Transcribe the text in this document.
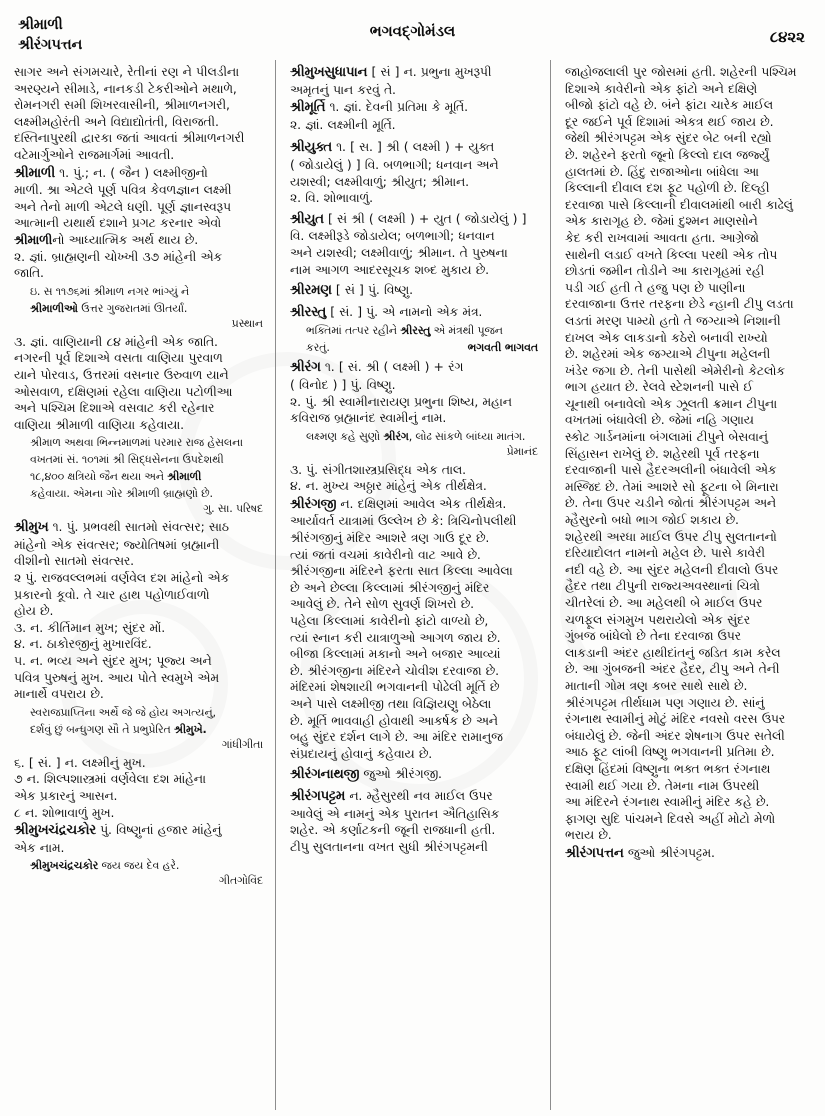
શ્રીમાળી
શ્રીરંગપત્તન
ભગવદ્‌ગોમંડલ	૮૪૨૨

સાગર અને સંગમચારે, રેતીનાં રણ ને પીલડીના

અરણ્યને સીમાડે, નાનકડી ટેકરીઓને મથાળે,

રોમનગરી સમી શિખરવાસીની, શ્રીમાળનગરી,

લક્ષ્મીમહોરંતી અને વિદ્યાદ્યોતંતી, વિરાજતી.

દસ્તિનાપુરથી દ્વારકા જતાં આવતાં શ્રીમાળનગરી

વટેમાર્ગુઓને રાજમાર્ગમાં આવતી.

શ્રીમાળી ૧. પું.; ન. ( જૈન ) લક્ષ્મીજીનો

માળી. શ્રા એટલે પૂર્ણ પવિત્ર કેવળજ્ઞાન લક્ષ્મી

અને તેનો માળી એટલે ધણી. પૂર્ણ જ્ઞાનસ્વરૂપ

આત્માની યથાર્થ દશાને પ્રગટ કરનાર એવો

શ્રીમાળીનો આધ્યાત્મિક અર્થ થાય છે.

૨. જ્ઞાં. બ્રાહ્મણની ચોખ્ખી ૩૭ માંહેની એક

જાતિ.

ઇ. સ ૧૧૭૬માં શ્રીમાળ નગર ભાંગ્યું ને

શ્રીમાળીઓ ઉત્તર ગુજરાતમાં ઊતર્યાં.

પ્રસ્થાન

૩. જ્ઞાં. વાણિયાની ૮૪ માંહેની એક જાતિ.

નગરની પૂર્વ દિશાએ વસતા વાણિયા પુરવાળ

યાને પોરવાડ, ઉત્તરમાં વસનાર ઉરુવાળ યાને

ઓસવાળ, દક્ષિણમાં રહેલા વાણિયા પટોળીઆ

અને પશ્ચિમ દિશાએ વસવાટ કરી રહેનાર

વાણિયા શ્રીમાળી વાણિયા કહેવાયા.

શ્રીમાળ અથવા ભિન્નમાળમાં પરમાર રાજ હેસલના

વખતમાં સં. ૧૦૧માં શ્રી સિદ્ધસેનના ઉપદેશથી

૧૮,૪૦૦ ક્ષત્રિયો જૈન થયા અને શ્રીમાળી

કહેવાયા. એમના ગોર શ્રીમાળી બ્રાહ્મણો છે.

ગુ. સા. પરિષદ

શ્રીમુખ ૧. પું. પ્રભવથી સાતમો સંવત્સર; સાઠ

માંહેનો એક સંવત્સર; જ્યોતિષમાં બ્રહ્માની

વીશીનો સાતમો સંવત્સર.

૨ પું. રાજવલ્લભમાં વર્ણવેલ દશ માંહેનો એક

પ્રકારનો કૂવો. તે ચાર હાથ પહોળાઈવાળો

હોય છે.

૩. ન. કીર્તિમાન મુખ; સુંદર મોં.

૪. ન. ઠાકોરજીનું મુખારવિંદ.

૫. ન. ભવ્ય અને સુંદર મુખ; પૂજ્ય અને

પવિત્ર પુરુષનું મુખ. આય પોતે સ્વમુખે એમ

માનાર્થે વપરાય છે.

સ્વરાજપ્રાપ્તિના અર્થે જે જે હોય અગત્યનું,

દર્શવું છું બન્ધુગણ સૌ તે પ્રભુપ્રેરિત શ્રીમુખે.

ગાંધીગીતા

૬. [ સં. ] ન. લક્ષ્મીનું મુખ.

૭ ન. શિલ્પશાસ્ત્રમાં વર્ણવેલા દશ માંહેના

એક પ્રકારનું આસન.

૮ ન. શોભાવાળું મુખ.

શ્રીમુખચંદ્રચકોર પું. વિષ્ણુનાં હજાર માંહેનું

એક નામ.

શ્રીમુખચંદ્રચકોર જય જય દેવ હરે.

ગીતગોવિંદ

શ્રીમુખસુધાપાન [ સં ] ન. પ્રભુના મુખરૂપી

અમૃતનું પાન કરવું તે.

શ્રીમૂર્તિ ૧. જ્ઞાં. દેવની પ્રતિમા કે મૂર્તિ.

૨. જ્ઞાં. લક્ષ્મીની મૂર્તિ.

શ્રીયુક્ત ૧. [ સ. ] શ્રી ( લક્ષ્મી ) + યુક્ત

( જોડાયેલું ) ] વિ. બળભાગી; ધનવાન અને

યશસ્વી; લક્ષ્મીવાળું; શ્રીયુત; શ્રીમાન.

૨. વિ. શોભાવાળું.

શ્રીયુત [ સં શ્રી ( લક્ષ્મી ) + યુત ( જોડાયેલું ) ]

વિ. લક્ષ્મીરૂડે જોડાયેલ; બળભાગી; ધનવાન

અને યશસ્વી; લક્ષ્મીવાળું; શ્રીમાન. તે પુરુષના

નામ આગળ આદરસૂચક શબ્દ મુકાય છે.

શ્રીરમણ [ સં ] પું. વિષ્ણુ.

શ્રીરસ્તુ [ સં. ] પું. એ નામનો એક મંત્ર.

ભક્તિમાં તત્પર રહીને શ્રીરસ્તુ એ મંત્રથી પૂજન

કરતું.	ભગવતી ભાગવત

શ્રીરંગ ૧. [ સં. શ્રી ( લક્ષ્મી ) + રંગ

( વિનોદ ) ] પું. વિષ્ણુ.

૨. પું. શ્રી સ્વામીનારાયણ પ્રભુના શિષ્ય, મહાન

કવિરાજ બ્રહ્માનંદ સ્વામીનું નામ.

લક્ષ્મણ કહે સુણો શ્રીરંગ, લોઢ સાંકળે બાંધ્યા માતંગ.

પ્રેમાનંદ

૩. પું. સંગીતશાસ્ત્રપ્રસિદ્ધ એક તાલ.

૪. ન. મુખ્ય અઠ્ઠાર માંહેનું એક તીર્થક્ષેત્ર.

શ્રીરંગજી ન. દક્ષિણમાં આવેલ એક તીર્થક્ષેત્ર.

આર્યાવર્ત યાત્રામાં ઉલ્લેખ છે કે: ત્રિચિનોપલીથી

શ્રીરંગજીનું મંદિર આશરે ત્રણ ગાઉ દૂર છે.

ત્યાં જતાં વચમાં કાવેરીનો વાટ આવે છે.

શ્રીરંગજીના મંદિરને ફરતા સાત કિલ્લા આવેલા

છે અને છેલ્લા કિલ્લામાં શ્રીરંગજીનું મંદિર

આવેલું છે. તેને સોળ સુવર્ણ શિખરો છે.

પહેલા કિલ્લામાં કાવેરીનો ફાંટો વાળ્યો છે,

ત્યાં સ્નાન કરી યાત્રાળુઓ આગળ જાય છે.

બીજા કિલ્લામાં મકાનો અને બજાર આવ્યાં

છે. શ્રીરંગજીના મંદિરને ચોવીશ દરવાજા છે.

મંદિરમાં શેષશાયી ભગવાનની પોઢેલી મૂર્તિ છે

અને પાસે લક્ષ્મીજી તથા વિજ્ઞિયણુ બેઠેલા

છે. મૂર્તિ ભાવવાહી હોવાથી આકર્ષક છે અને

બહુ સુંદર દર્શન લાગે છે. આ મંદિર રામાનુજ

સંપ્રદાયનું હોવાનું કહેવાય છે.

શ્રીરંગનાથજી જુઓ શ્રીરંગજી.

શ્રીરંગપટ્ટમ ન. મ્હૈસુરથી નવ માઈલ ઉપર

આવેલું એ નામનું એક પુરાતન ઐતિહાસિક

શહેર. એ કર્ણાટકની જૂની રાજધાની હતી.

ટીપુ સુલતાનના વખત સુધી શ્રીરંગપટ્ટમની

જાહોજલાલી પુર જોસમાં હતી. શહેરની પશ્ચિમ

દિશાએ કાવેરીનો એક ફાંટો અને દક્ષિણે

બીજો ફાંટો વહે છે. બંને ફાંટા ચારેક માઈલ

દૂર જઈને પૂર્વ દિશામાં એકત્ર થઈ જાય છે.

જેથી શ્રીરંગપટ્ટમ એક સુંદર બેટ બની રહ્યો

છે. શહેરને ફરતો જૂનો કિલ્લો દાલ જર્જ્યું

હાલતમાં છે. હિંદુ રાજાઓના બાંધેલા આ

કિલ્લાની દીવાલ દશ ફૂટ પહોળી છે. દિલ્હી

દરવાજા પાસે કિલ્લાની દીવાલમાંથી બારી કાઢેલું

એક કારાગૃહ છે. જેમાં દુશ્મન માણસોને

કેદ કરી રાખવામાં આવતા હતા. આગ્રેજો

સાથેની લડાઈ વખતે કિલ્લા પરથી એક તોપ

છોડતાં જમીન તોડીને આ કારાગૃહમાં રહી

પડી ગઈ હતી તે હજુ પણ છે પાણીના

દરવાજાના ઉત્તર તરફના છેડે ન્હાની ટીપુ લડતા

લડતાં મરણ પામ્યો હતો તે જગ્યાએ નિશાની

દાખલ એક લાકડાનો કઠેરો બનાવી રાખ્યો

છે. શહેરમાં એક જગ્યાએ ટીપુના મહેલની

ખંડેર જગા છે. તેની પાસેથી એમેરીનો કેટલોક

ભાગ હયાત છે. રેલવે સ્ટેશનની પાસે ઈ

ચૂનાથી બનાવેલો એક ઝૂલતી ક્રમાન ટીપુના

વખતમાં બંધાવેલી છે. જેમાં નહિ ગણાય

સ્કોટ ગાર્ડનમાંના બંગલામાં ટીપુને બેસવાનું

સિંહાસન રાખેલું છે. શહેરથી પૂર્વ તરફના

દરવાજાની પાસે હૈદરઅલીની બંધાવેલી એક

મસ્જિદ છે. તેમાં આશરે સો ફૂટના બે મિનારા

છે. તેના ઉપર ચડીને જોતાં શ્રીરંગપટ્ટમ અને

મ્હૈસુરનો બધો ભાગ જોઈ શકાય છે.

શહેરથી અરધા માઈલ ઉપર ટીપુ સુલતાનનો

દરિયાદોલત નામનો મહેલ છે. પાસે કાવેરી

નદી વહે છે. આ સુંદર મહેલની દીવાલો ઉપર

હૈદર તથા ટીપુની રાજ્યઅવસ્થાનાં ચિત્રો

ચીતરેલાં છે. આ મહેલથી બે માઈલ ઉપર

ચળફૂલ સંગમુખ પથરાયેલો એક સુંદર

ગુંબજ બાંધેલો છે તેના દરવાજા ઉપર

લાકડાની અંદર હાથીદાંતનું જડિત કામ કરેલ

છે. આ ગુંબજની અંદર હૈદર, ટીપુ અને તેની

માતાની ગોમ ત્રણ કબર સાથે સાથે છે.

શ્રીરંગપટ્ટમ તીર્થધામ પણ ગણાય છે. સાંનું

રંગનાથ સ્વામીનું મોટું મંદિર નવસો વરસ ઉપર

બંધાયેલું છે. જેની અંદર શેષનાગ ઉપર સતેલી

આઠ ફૂટ લાંબી વિષ્ણુ ભગવાનની પ્રતિમા છે.

દક્ષિણ હિંદમાં વિષ્ણુના ભક્ત ભક્ત રંગનાથ

સ્વામી થઈ ગયા છે. તેમના નામ ઉપરથી

આ મંદિરને રંગનાથ સ્વામીનું મંદિર કહે છે.

ફાગણ સુદિ પાંચમને દિવસે અહીં મોટો મેળો

ભરાય છે.

શ્રીરંગપત્તન જુઓ શ્રીરંગપટ્ટમ.
